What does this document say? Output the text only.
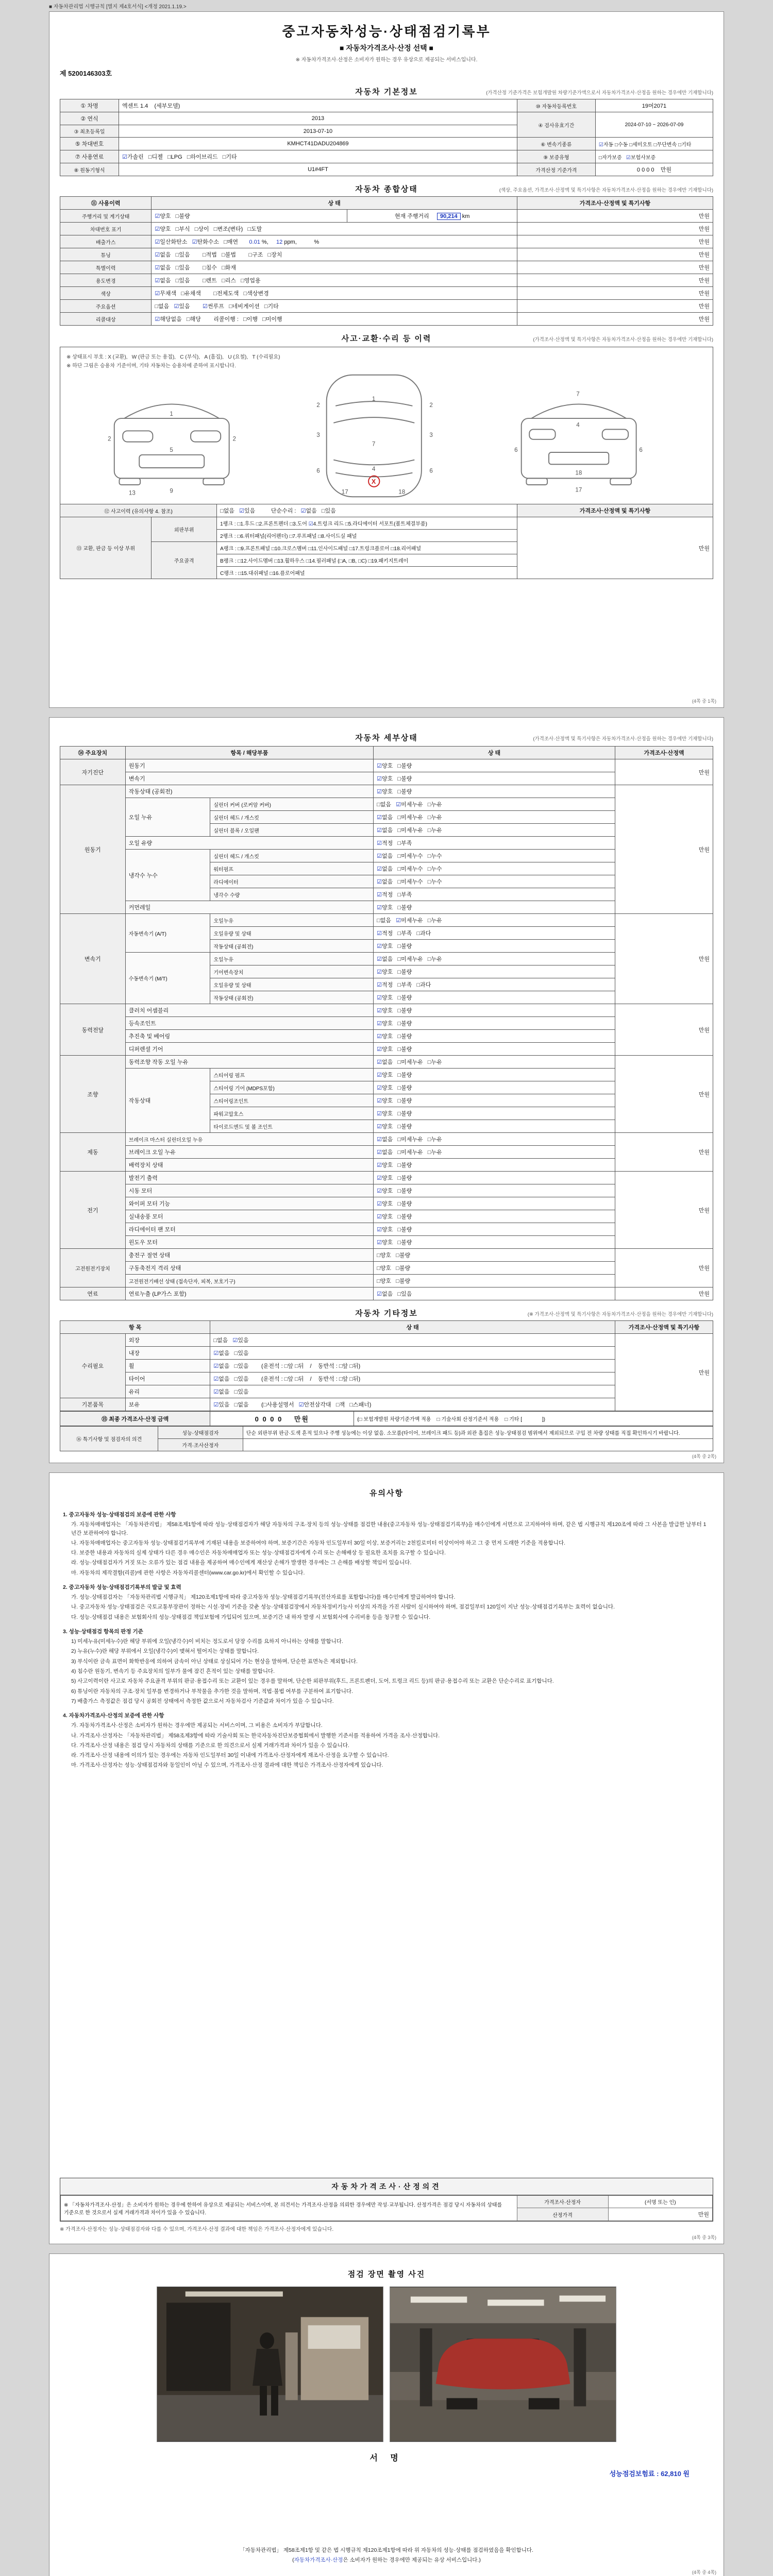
■ 자동차관리법 시행규칙 [별지 제4호서식] <개정 2021.1.19.>
중고자동차성능·상태점검기록부
■ 자동차가격조사·산정 선택 ■
※ 자동차가격조사·산정은 소비자가 원하는 경우 유상으로 제공되는 서비스입니다.
제 5200146303호
자동차 기본정보	(가격산정 기준가격은 보험개발원 차량기준가액으로서 자동차가격조사·산정을 원하는 경우에만 기재합니다)
① 차명	엑센트 1.4    (세부모델)	⑩ 자동차등록번호	19머2071
② 연식	2013	④ 검사유효기간	2024-07-10 ~ 2026-07-09
③ 최초등록일	2013-07-10		
⑤ 차대번호	KMHCT41DADU204869	⑥ 변속기종류	☑자동 □수동 □세미오토 □무단변속 □기타
⑦ 사용연료	☑가솔린   □디젤   □LPG   □하이브리드   □기타	⑨ 보증유형	□자가보증   ☑보험사보증
⑧ 원동기형식	U1#4FT	가격산정 기준가격	0 0 0 0    만원
자동차 종합상태	(색상, 주요옵션, 가격조사·산정액 및 특기사항은 자동차가격조사·산정을 원하는 경우에만 기재합니다)
⑪ 사용이력	상 태		가격조사·산정액 및 특기사항
주행거리 및 계기상태	☑양호   □불량	현재 주행거리     90,214 km	만원
차대번호 표기	☑양호   □부식   □상이   □변조(변타)   □도말		만원
배출가스	☑일산화탄소   ☑탄화수소   □매연       0.01 %,     12 ppm,           %		만원
튜닝	☑없음   □있음        □적법   □불법        □구조   □장치		만원
특별이력	☑없음   □있음        □침수   □화재		만원
용도변경	☑없음   □있음        □렌트   □리스   □영업용		만원
색상	☑무채색   □유채색        □전체도색   □색상변경		만원
주요옵션	□없음   ☑있음        ☑썬루프   □네비게이션   □기타		만원
리콜대상	☑해당없음   □해당        리콜이행 :   □이행   □미이행		만원
사고·교환·수리 등 이력	(가격조사·산정액 및 특기사항은 자동차가격조사·산정을 원하는 경우에만 기재합니다)
※ 상태표시 부호 : X (교환),   W (판금 또는 용접),   C (부식),   A (흠집),   U (요철),   T (수리필요)
※ 하단 그림은 승용차 기준이며, 기타 자동차는 승용차에 준하여 표시합니다.
1
2	2
5
9
13
1
7
4
2	2
3	3
6	6
17	18
X
7
4
18
6	6
17
⑫ 사고이력 (유의사항 4. 참조)		□없음   ☑있음          단순수리 :   ☑없음   □있음	가격조사·산정액 및 특기사항
⑬ 교환, 판금 등 이상 부위	외판부위	1랭크 : □1.후드 □2.프론트펜더 □3.도어 ☑4.트렁크 리드 □5.라디에이터 서포트(볼트체결부품)	만원
		2랭크 : □6.쿼터패널(리어펜더) □7.루프패널 □8.사이드실 패널	
	주요골격	A랭크 : □9.프론트패널 □10.크로스멤버 □11.인사이드패널 □17.트렁크플로어 □18.리어패널	
		B랭크 : □12.사이드멤버 □13.휠하우스 □14.필러패널 (□A, □B, □C) □19.패키지트레이	
		C랭크 : □15.대쉬패널 □16.플로어패널	
(4쪽 중 1쪽)
자동차 세부상태	(가격조사·산정액 및 특기사항은 자동차가격조사·산정을 원하는 경우에만 기재합니다)
⑭ 주요장치	항목 / 해당부품		상 태	가격조사·산정액
자기진단	원동기		☑양호   □불량	만원
	변속기		☑양호   □불량	
원동기	작동상태 (공회전)		☑양호   □불량	만원
	오일 누유	실린더 커버 (로커암 커버)	□없음   ☑미세누유   □누유	
		실린더 헤드 / 개스킷	☑없음   □미세누유   □누유	
		실린더 블록 / 오일팬	☑없음   □미세누유   □누유	
	오일 유량		☑적정   □부족	
	냉각수 누수	실린더 헤드 / 개스킷	☑없음   □미세누수   □누수	
		워터펌프	☑없음   □미세누수   □누수	
		라디에이터	☑없음   □미세누수   □누수	
		냉각수 수량	☑적정   □부족	
	커먼레일		☑양호   □불량	
변속기	자동변속기 (A/T)	오일누유	□없음   ☑미세누유   □누유	만원
		오일유량 및 상태	☑적정   □부족   □과다	
		작동상태 (공회전)	☑양호   □불량	
	수동변속기 (M/T)	오일누유	☑없음   □미세누유   □누유	
		기어변속장치	☑양호   □불량	
		오일유량 및 상태	☑적정   □부족   □과다	
		작동상태 (공회전)	☑양호   □불량	
동력전달	클러치 어셈블리		☑양호   □불량	만원
	등속조인트		☑양호   □불량	
	추진축 및 베어링		☑양호   □불량	
	디퍼렌셜 기어		☑양호   □불량	
조향	동력조향 작동 오일 누유		☑없음   □미세누유   □누유	만원
	작동상태	스티어링 펌프	☑양호   □불량	
		스티어링 기어 (MDPS포함)	☑양호   □불량	
		스티어링조인트	☑양호   □불량	
		파워고압호스	☑양호   □불량	
		타이로드엔드 및 볼 조인트	☑양호   □불량	
제동	브레이크 마스터 실린더오일 누유		☑없음   □미세누유   □누유	만원
	브레이크 오일 누유		☑없음   □미세누유   □누유	
	배력장치 상태		☑양호   □불량	
전기	발전기 출력		☑양호   □불량	만원
	시동 모터		☑양호   □불량	
	와이퍼 모터 기능		☑양호   □불량	
	실내송풍 모터		☑양호   □불량	
	라디에이터 팬 모터		☑양호   □불량	
	윈도우 모터		☑양호   □불량	
고전원전기장치	충전구 절연 상태		□양호   □불량	만원
	구동축전지 격리 상태		□양호   □불량	
	고전원전기배선 상태 (접속단자, 피복, 보호기구)		□양호   □불량	
연료	연료누출 (LP가스 포함)		☑없음   □있음	만원
자동차 기타정보	(※ 가격조사·산정액 및 특기사항은 자동차가격조사·산정을 원하는 경우에만 기재합니다)
항 목		상 태	가격조사·산정액 및 특기사항
수리필요	외장	□없음   ☑있음	만원
	내장	☑없음   □있음	
	휠	☑없음   □있음        (운전석 : □앞 □뒤    /    동반석 : □앞 □뒤)	
	타이어	☑없음   □있음        (운전석 : □앞 □뒤    /    동반석 : □앞 □뒤)	
	유리	☑없음   □있음	
기본품목	보유	☑있음   □없음        (□사용설명서   ☑안전삼각대   □잭   □스패너)	
⑮ 최종 가격조사·산정 금액	0 0 0 0    만원	(□ 보험개발원 차량기준가액 적용    □ 기술사회 산정기준서 적용    □ 기타 [              ])
⑯ 특기사항 및 점검자의 의견	성능·상태점검자	단순 외판부위 판금·도색 흔적 있으나 주행 성능에는 이상 없음. 소모품(타이어, 브레이크 패드 등)과 외관 흠집은 성능·상태점검 범위에서 제외되므로 구입 전 차량 상태를 직접 확인하시기 바랍니다.
	가격·조사산정자	
(4쪽 중 2쪽)
유의사항
1. 중고자동차 성능·상태점검의 보증에 관한 사항
가. 자동차매매업자는 「자동차관리법」 제58조제1항에 따라 성능·상태점검자가 해당 자동차의 구조·장치 등의 성능·상태를 점검한 내용(중고자동차 성능·상태점검기록부)을 매수인에게 서면으로 고지하여야 하며, 같은 법 시행규칙 제120조에 따라 그 사본을 발급한 날부터 1년간 보관하여야 합니다.
나. 자동차매매업자는 중고자동차 성능·상태점검기록부에 기재된 내용을 보증하여야 하며, 보증기간은 자동차 인도일부터 30일 이상, 보증거리는 2천킬로미터 이상이어야 하고 그 중 먼저 도래한 기준을 적용합니다.
다. 보증한 내용과 자동차의 실제 상태가 다른 경우 매수인은 자동차매매업자 또는 성능·상태점검자에게 수리 또는 손해배상 등 필요한 조치를 요구할 수 있습니다.
라. 성능·상태점검자가 거짓 또는 오류가 있는 점검 내용을 제공하여 매수인에게 재산상 손해가 발생한 경우에는 그 손해를 배상할 책임이 있습니다.
마. 자동차의 제작결함(리콜)에 관한 사항은 자동차리콜센터(www.car.go.kr)에서 확인할 수 있습니다.
2. 중고자동차 성능·상태점검기록부의 발급 및 효력
가. 성능·상태점검자는 「자동차관리법 시행규칙」 제120조제1항에 따라 중고자동차 성능·상태점검기록부(전산자료를 포함합니다)를 매수인에게 발급하여야 합니다.
나. 중고자동차 성능·상태점검은 국토교통부장관이 정하는 시설·장비 기준을 갖춘 성능·상태점검장에서 자동차정비기능사 이상의 자격을 가진 사람이 실시하여야 하며, 점검일부터 120일이 지난 성능·상태점검기록부는 효력이 없습니다.
다. 성능·상태점검 내용은 보험회사의 성능·상태점검 책임보험에 가입되어 있으며, 보증기간 내 하자 발생 시 보험회사에 수리비용 등을 청구할 수 있습니다.
3. 성능·상태점검 항목의 판정 기준
1) 미세누유(미세누수)란 해당 부위에 오일(냉각수)이 비치는 정도로서 당장 수리를 요하지 아니하는 상태를 말합니다.
2) 누유(누수)란 해당 부위에서 오일(냉각수)이 맺혀서 떨어지는 상태를 말합니다.
3) 부식이란 금속 표면이 화학반응에 의하여 금속이 아닌 상태로 상실되어 가는 현상을 말하며, 단순한 표면녹은 제외합니다.
4) 침수란 원동기, 변속기 등 주요장치의 일부가 물에 잠긴 흔적이 있는 상태를 말합니다.
5) 사고이력이란 사고로 자동차 주요골격 부위의 판금·용접수리 또는 교환이 있는 경우를 말하며, 단순한 외판부위(후드, 프론트펜더, 도어, 트렁크 리드 등)의 판금·용접수리 또는 교환은 단순수리로 표기합니다.
6) 튜닝이란 자동차의 구조·장치 일부를 변경하거나 부착물을 추가한 것을 말하며, 적법·불법 여부를 구분하여 표기합니다.
7) 배출가스 측정값은 점검 당시 공회전 상태에서 측정한 값으로서 자동차검사 기준값과 차이가 있을 수 있습니다.
4. 자동차가격조사·산정의 보증에 관한 사항
가. 자동차가격조사·산정은 소비자가 원하는 경우에만 제공되는 서비스이며, 그 비용은 소비자가 부담합니다.
나. 가격조사·산정자는 「자동차관리법」 제58조제3항에 따라 기술사회 또는 한국자동차진단보증협회에서 발행한 기준서를 적용하여 가격을 조사·산정합니다.
다. 가격조사·산정 내용은 점검 당시 자동차의 상태를 기준으로 한 의견으로서 실제 거래가격과 차이가 있을 수 있습니다.
라. 가격조사·산정 내용에 이의가 있는 경우에는 자동차 인도일부터 30일 이내에 가격조사·산정자에게 재조사·산정을 요구할 수 있습니다.
마. 가격조사·산정자는 성능·상태점검자와 동일인이 아닐 수 있으며, 가격조사·산정 결과에 대한 책임은 가격조사·산정자에게 있습니다.
자동차가격조사·산정의견
※ 「자동차가격조사·산정」은 소비자가 원하는 경우에 한하여 유상으로 제공되는 서비스이며, 본 의견서는 가격조사·산정을 의뢰한 경우에만 작성·교부됩니다. 산정가격은 점검 당시 자동차의 상태를 기준으로 한 것으로서 실제 거래가격과 차이가 있을 수 있습니다.	가격조사·산정자	(서명 또는 인)
	산정가격	만원
※ 가격조사·산정자는 성능·상태점검자와 다를 수 있으며, 가격조사·산정 결과에 대한 책임은 가격조사·산정자에게 있습니다.
(4쪽 중 3쪽)
점검 장면 촬영 사진
서 명
성능점검보험료 : 62,810 원
「자동차관리법」 제58조제1항 및 같은 법 시행규칙 제120조제1항에 따라 위 자동차의 성능·상태를 점검하였음을 확인합니다.
(자동차가격조사·산정은 소비자가 원하는 경우에만 제공되는 유상 서비스입니다.)
(4쪽 중 4쪽)
